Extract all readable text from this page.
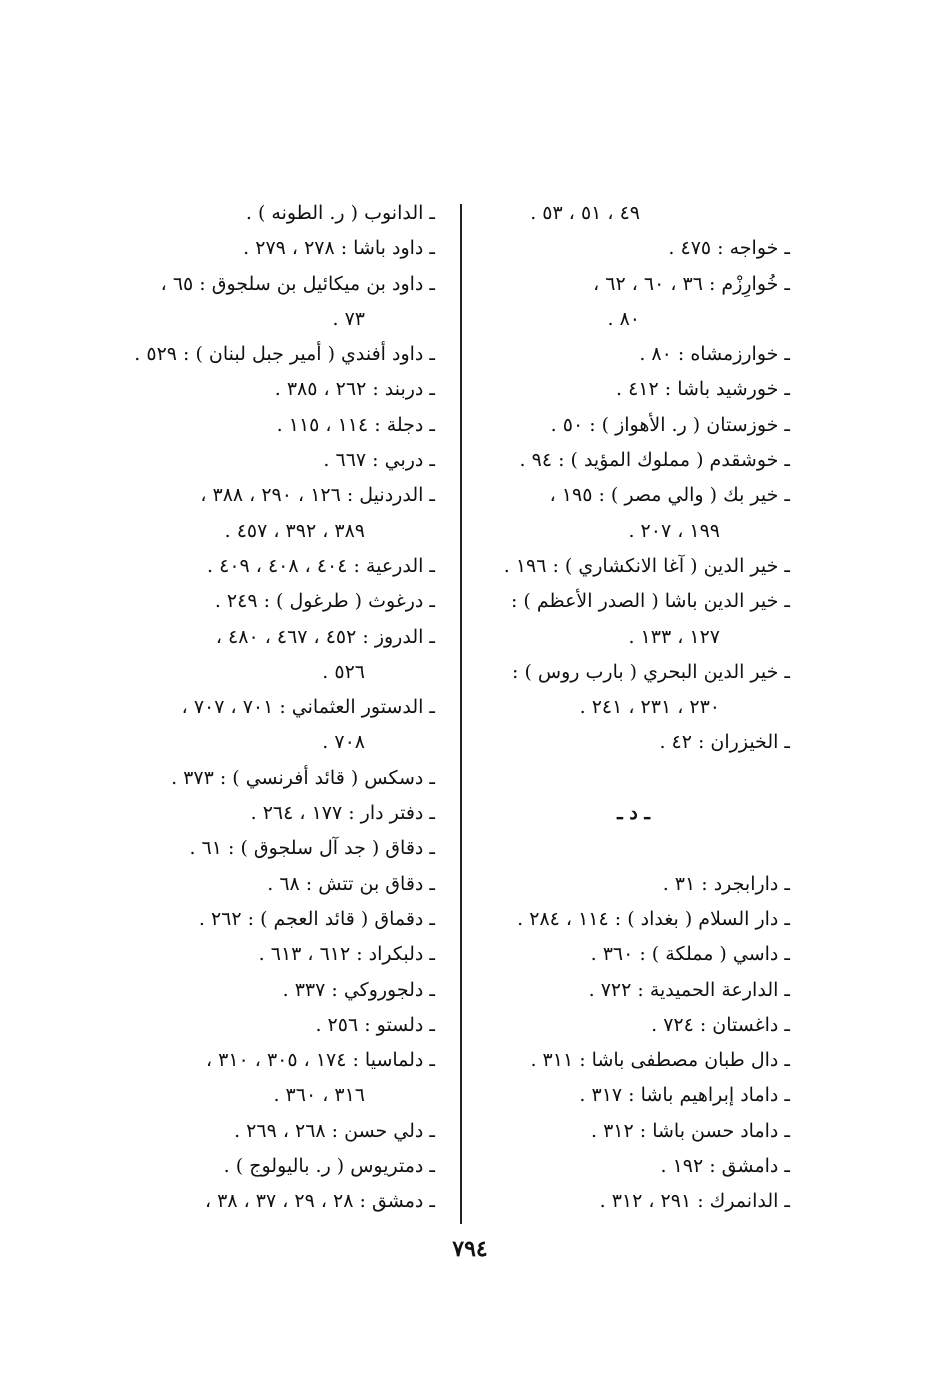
٤٩ ، ٥١ ، ٥٣ .
ـ خواجه : ٤٧٥ .
ـ خُوارِزْم : ٣٦ ، ٦٠ ، ٦٢ ،
٨٠ .
ـ خوارزمشاه : ٨٠ .
ـ خورشيد باشا : ٤١٢ .
ـ خوزستان ( ر. الأهواز ) : ٥٠ .
ـ خوشقدم ( مملوك المؤيد ) : ٩٤ .
ـ خير بك ( والي مصر ) : ١٩٥ ،
١٩٩ ، ٢٠٧ .
ـ خير الدين ( آغا الانكشاري ) : ١٩٦ .
ـ خير الدين باشا ( الصدر الأعظم ) :
١٢٧ ، ١٣٣ .
ـ خير الدين البحري ( بارب روس ) :
٢٣٠ ، ٢٣١ ، ٢٤١ .
ـ الخيزران : ٤٢ .
ـ د ـ
ـ دارابجرد : ٣١ .
ـ دار السلام ( بغداد ) : ١١٤ ، ٢٨٤ .
ـ داسي ( مملكة ) : ٣٦٠ .
ـ الدارعة الحميدية : ٧٢٢ .
ـ داغستان : ٧٢٤ .
ـ دال طبان مصطفى باشا : ٣١١ .
ـ داماد إبراهيم باشا : ٣١٧ .
ـ داماد حسن باشا : ٣١٢ .
ـ دامشق : ١٩٢ .
ـ الدانمرك : ٢٩١ ، ٣١٢ .
ـ الدانوب ( ر. الطونه ) .
ـ داود باشا : ٢٧٨ ، ٢٧٩ .
ـ داود بن ميكائيل بن سلجوق : ٦٥ ،
٧٣ .
ـ داود أفندي ( أمير جبل لبنان ) : ٥٢٩ .
ـ دربند : ٢٦٢ ، ٣٨٥ .
ـ دجلة : ١١٤ ، ١١٥ .
ـ دربي : ٦٦٧ .
ـ الدردنيل : ١٢٦ ، ٢٩٠ ، ٣٨٨ ،
٣٨٩ ، ٣٩٢ ، ٤٥٧ .
ـ الدرعية : ٤٠٤ ، ٤٠٨ ، ٤٠٩ .
ـ درغوث ( طرغول ) : ٢٤٩ .
ـ الدروز : ٤٥٢ ، ٤٦٧ ، ٤٨٠ ،
٥٢٦ .
ـ الدستور العثماني : ٧٠١ ، ٧٠٧ ،
٧٠٨ .
ـ دسكس ( قائد أفرنسي ) : ٣٧٣ .
ـ دفتر دار : ١٧٧ ، ٢٦٤ .
ـ دقاق ( جد آل سلجوق ) : ٦١ .
ـ دقاق بن تتش : ٦٨ .
ـ دقماق ( قائد العجم ) : ٢٦٢ .
ـ دلبكراد : ٦١٢ ، ٦١٣ .
ـ دلجوروكي : ٣٣٧ .
ـ دلستو : ٢٥٦ .
ـ دلماسيا : ١٧٤ ، ٣٠٥ ، ٣١٠ ،
٣١٦ ، ٣٦٠ .
ـ دلي حسن : ٢٦٨ ، ٢٦٩ .
ـ دمتريوس ( ر. باليولوج ) .
ـ دمشق : ٢٨ ، ٢٩ ، ٣٧ ، ٣٨ ،
٧٩٤
